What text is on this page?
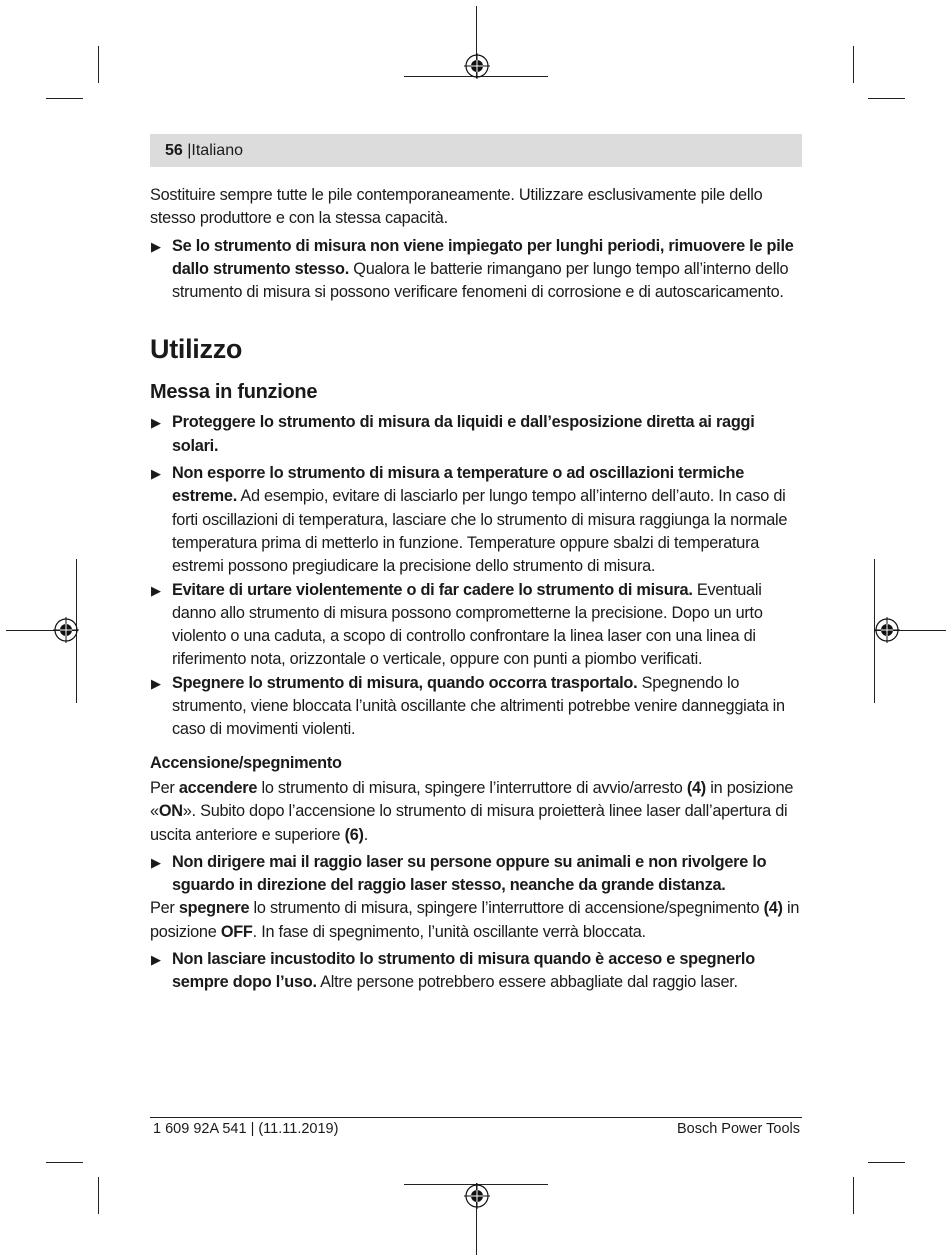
56 |Italiano

Sostituire sempre tutte le pile contemporaneamente. Utilizzare esclusivamente pile dello stesso produttore e con la stessa capacità.

▶ Se lo strumento di misura non viene impiegato per lunghi periodi, rimuovere le pile dallo strumento stesso. Qualora le batterie rimangano per lungo tempo all’interno dello strumento di misura si possono verificare fenomeni di corrosione e di autoscaricamento.
Utilizzo
Messa in funzione
▶ Proteggere lo strumento di misura da liquidi e dall’esposizione diretta ai raggi solari.
▶ Non esporre lo strumento di misura a temperature o ad oscillazioni termiche estreme. Ad esempio, evitare di lasciarlo per lungo tempo all’interno dell’auto. In caso di forti oscillazioni di temperatura, lasciare che lo strumento di misura raggiunga la normale temperatura prima di metterlo in funzione. Temperature oppure sbalzi di temperatura estremi possono pregiudicare la precisione dello strumento di misura.
▶ Evitare di urtare violentemente o di far cadere lo strumento di misura. Eventuali danno allo strumento di misura possono comprometterne la precisione. Dopo un urto violento o una caduta, a scopo di controllo confrontare la linea laser con una linea di riferimento nota, orizzontale o verticale, oppure con punti a piombo verificati.
▶ Spegnere lo strumento di misura, quando occorra trasportalo. Spegnendo lo strumento, viene bloccata l’unità oscillante che altrimenti potrebbe venire danneggiata in caso di movimenti violenti.
Accensione/spegnimento

Per accendere lo strumento di misura, spingere l’interruttore di avvio/arresto (4) in posizione «ON». Subito dopo l’accensione lo strumento di misura proietterà linee laser dall’apertura di uscita anteriore e superiore (6).

▶ Non dirigere mai il raggio laser su persone oppure su animali e non rivolgere lo sguardo in direzione del raggio laser stesso, neanche da grande distanza.

Per spegnere lo strumento di misura, spingere l’interruttore di accensione/spegnimento (4) in posizione OFF. In fase di spegnimento, l’unità oscillante verrà bloccata.

▶ Non lasciare incustodito lo strumento di misura quando è acceso e spegnerlo sempre dopo l’uso. Altre persone potrebbero essere abbagliate dal raggio laser.
1 609 92A 541 | (11.11.2019)	Bosch Power Tools
